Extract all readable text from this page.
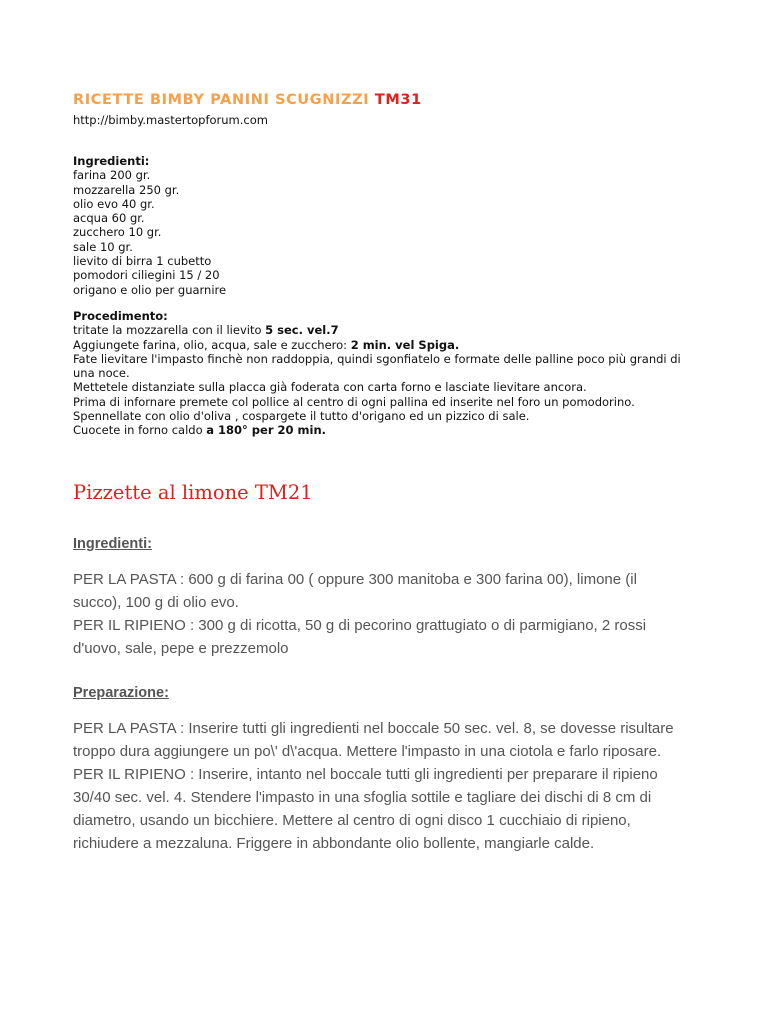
RICETTE BIMBY PANINI SCUGNIZZI TM31
http://bimby.mastertopforum.com
Ingredienti:
farina 200 gr.
mozzarella 250 gr.
olio evo 40 gr.
acqua 60 gr.
zucchero 10 gr.
sale 10 gr.
lievito di birra 1 cubetto
pomodori ciliegini 15 / 20
origano e olio per guarnire
Procedimento:
tritate la mozzarella con il lievito 5 sec. vel.7
Aggiungete farina, olio, acqua, sale e zucchero: 2 min. vel Spiga.
Fate lievitare l'impasto finchè non raddoppia, quindi sgonfiatelo e formate delle palline poco più grandi di
una noce.
Mettetele distanziate sulla placca già foderata con carta forno e lasciate lievitare ancora.
Prima di infornare premete col pollice al centro di ogni pallina ed inserite nel foro un pomodorino.
Spennellate con olio d'oliva , cospargete il tutto d'origano ed un pizzico di sale.
Cuocete in forno caldo a 180° per 20 min.
Pizzette al limone TM21
Ingredienti:
PER LA PASTA : 600 g di farina 00 ( oppure 300 manitoba e 300 farina 00), limone (il
succo), 100 g di olio evo.
PER IL RIPIENO : 300 g di ricotta, 50 g di pecorino grattugiato o di parmigiano, 2 rossi
d'uovo, sale, pepe e prezzemolo
Preparazione:
PER LA PASTA : Inserire tutti gli ingredienti nel boccale 50 sec. vel. 8, se dovesse risultare
troppo dura aggiungere un po\' d\'acqua. Mettere l'impasto in una ciotola e farlo riposare.
PER IL RIPIENO : Inserire, intanto nel boccale tutti gli ingredienti per preparare il ripieno
30/40 sec. vel. 4. Stendere l'impasto in una sfoglia sottile e tagliare dei dischi di 8 cm di
diametro, usando un bicchiere. Mettere al centro di ogni disco 1 cucchiaio di ripieno,
richiudere a mezzaluna. Friggere in abbondante olio bollente, mangiarle calde.
